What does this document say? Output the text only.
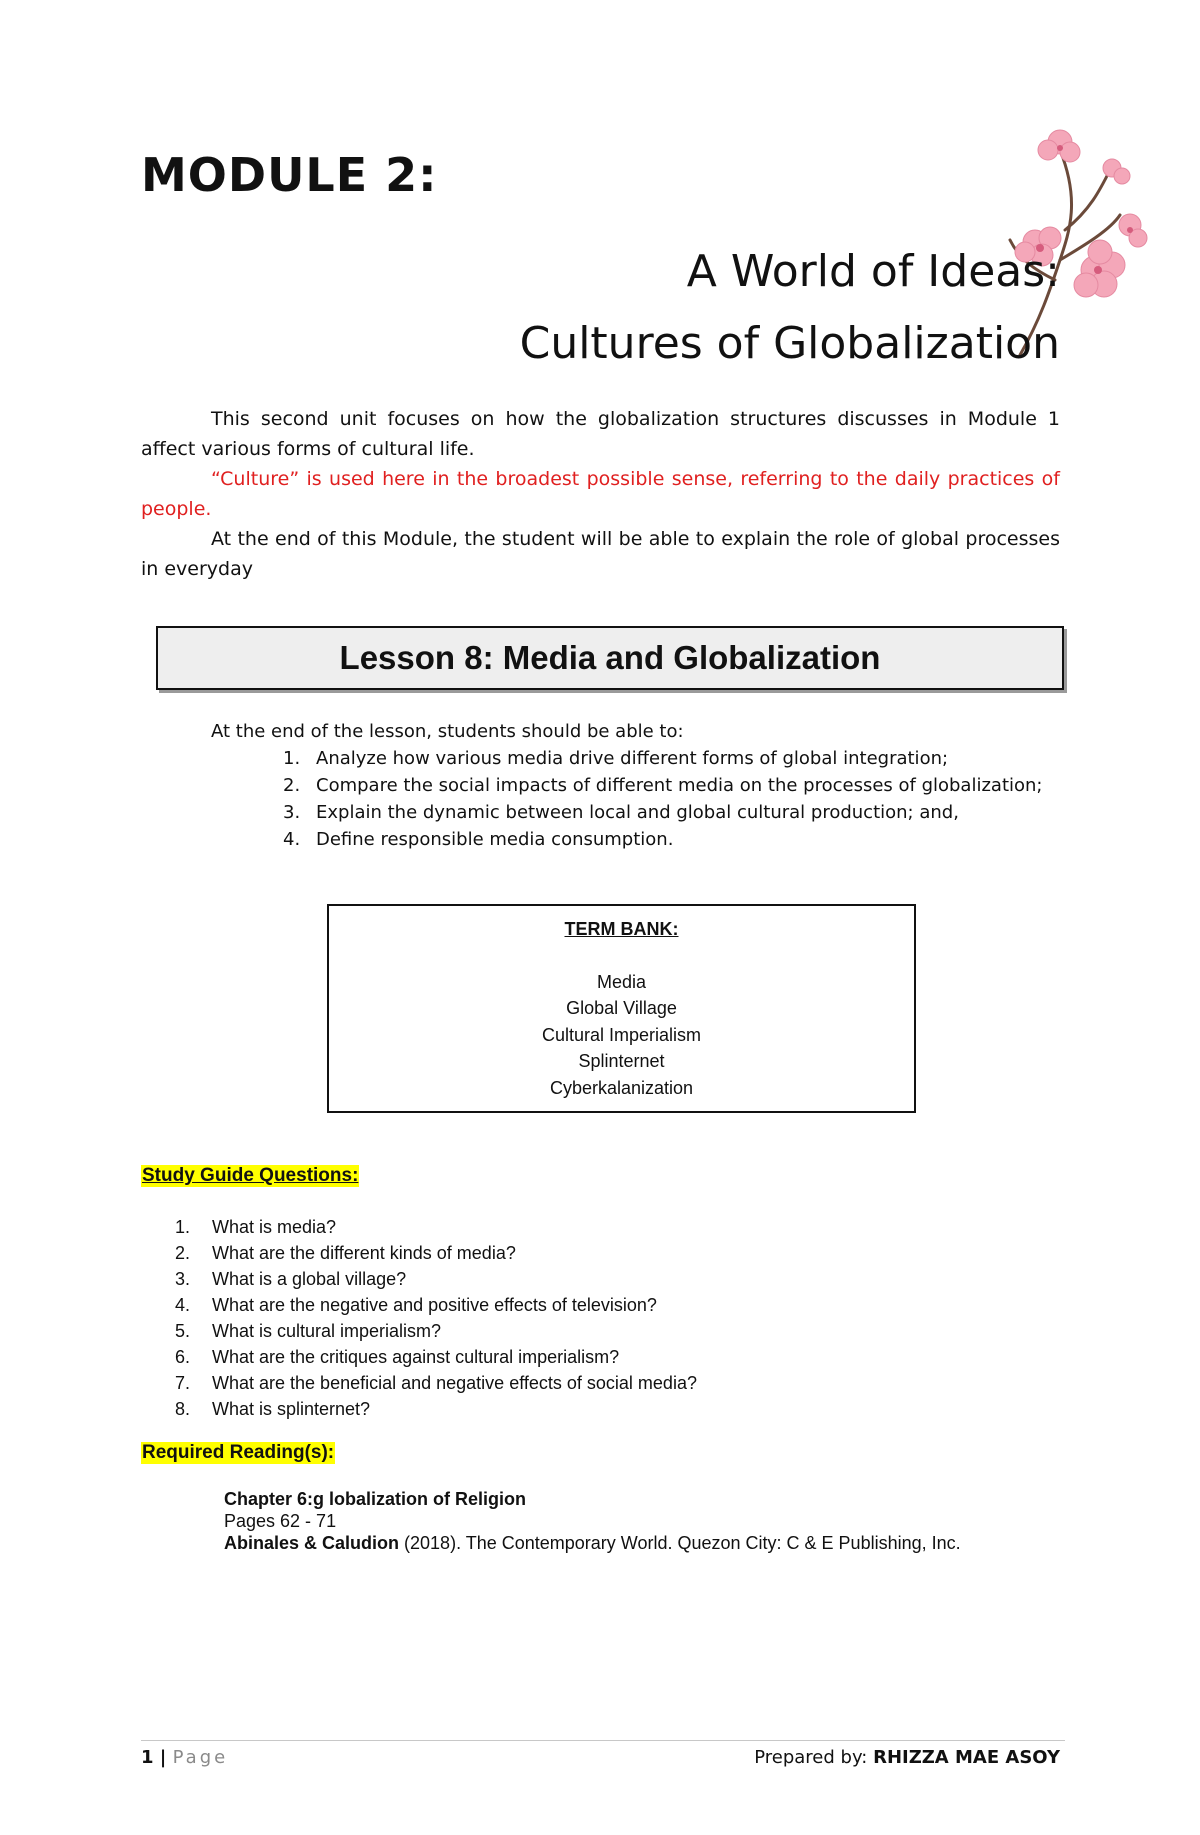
MODULE 2:
A World of Ideas:
Cultures of Globalization

This second unit focuses on how the globalization structures discusses in Module 1 affect various forms of cultural life.

“Culture” is used here in the broadest possible sense, referring to the daily practices of people.

At the end of this Module, the student will be able to explain the role of global processes in everyday

Lesson 8: Media and Globalization
At the end of the lesson, students should be able to:
1. Analyze how various media drive different forms of global integration;
2. Compare the social impacts of different media on the processes of globalization;
3. Explain the dynamic between local and global cultural production; and,
4. Define responsible media consumption.
TERM BANK:
Media
Global Village
Cultural Imperialism
Splinternet
Cyberkalanization
Study Guide Questions:
1. What is media?
2. What are the different kinds of media?
3. What is a global village?
4. What are the negative and positive effects of television?
5. What is cultural imperialism?
6. What are the critiques against cultural imperialism?
7. What are the beneficial and negative effects of social media?
8. What is splinternet?
Required Reading(s):
Chapter 6:g lobalization of Religion
Pages 62 - 71
Abinales & Caludion (2018). The Contemporary World. Quezon City: C & E Publishing, Inc.
1 | Page	Prepared by: RHIZZA MAE ASOY
